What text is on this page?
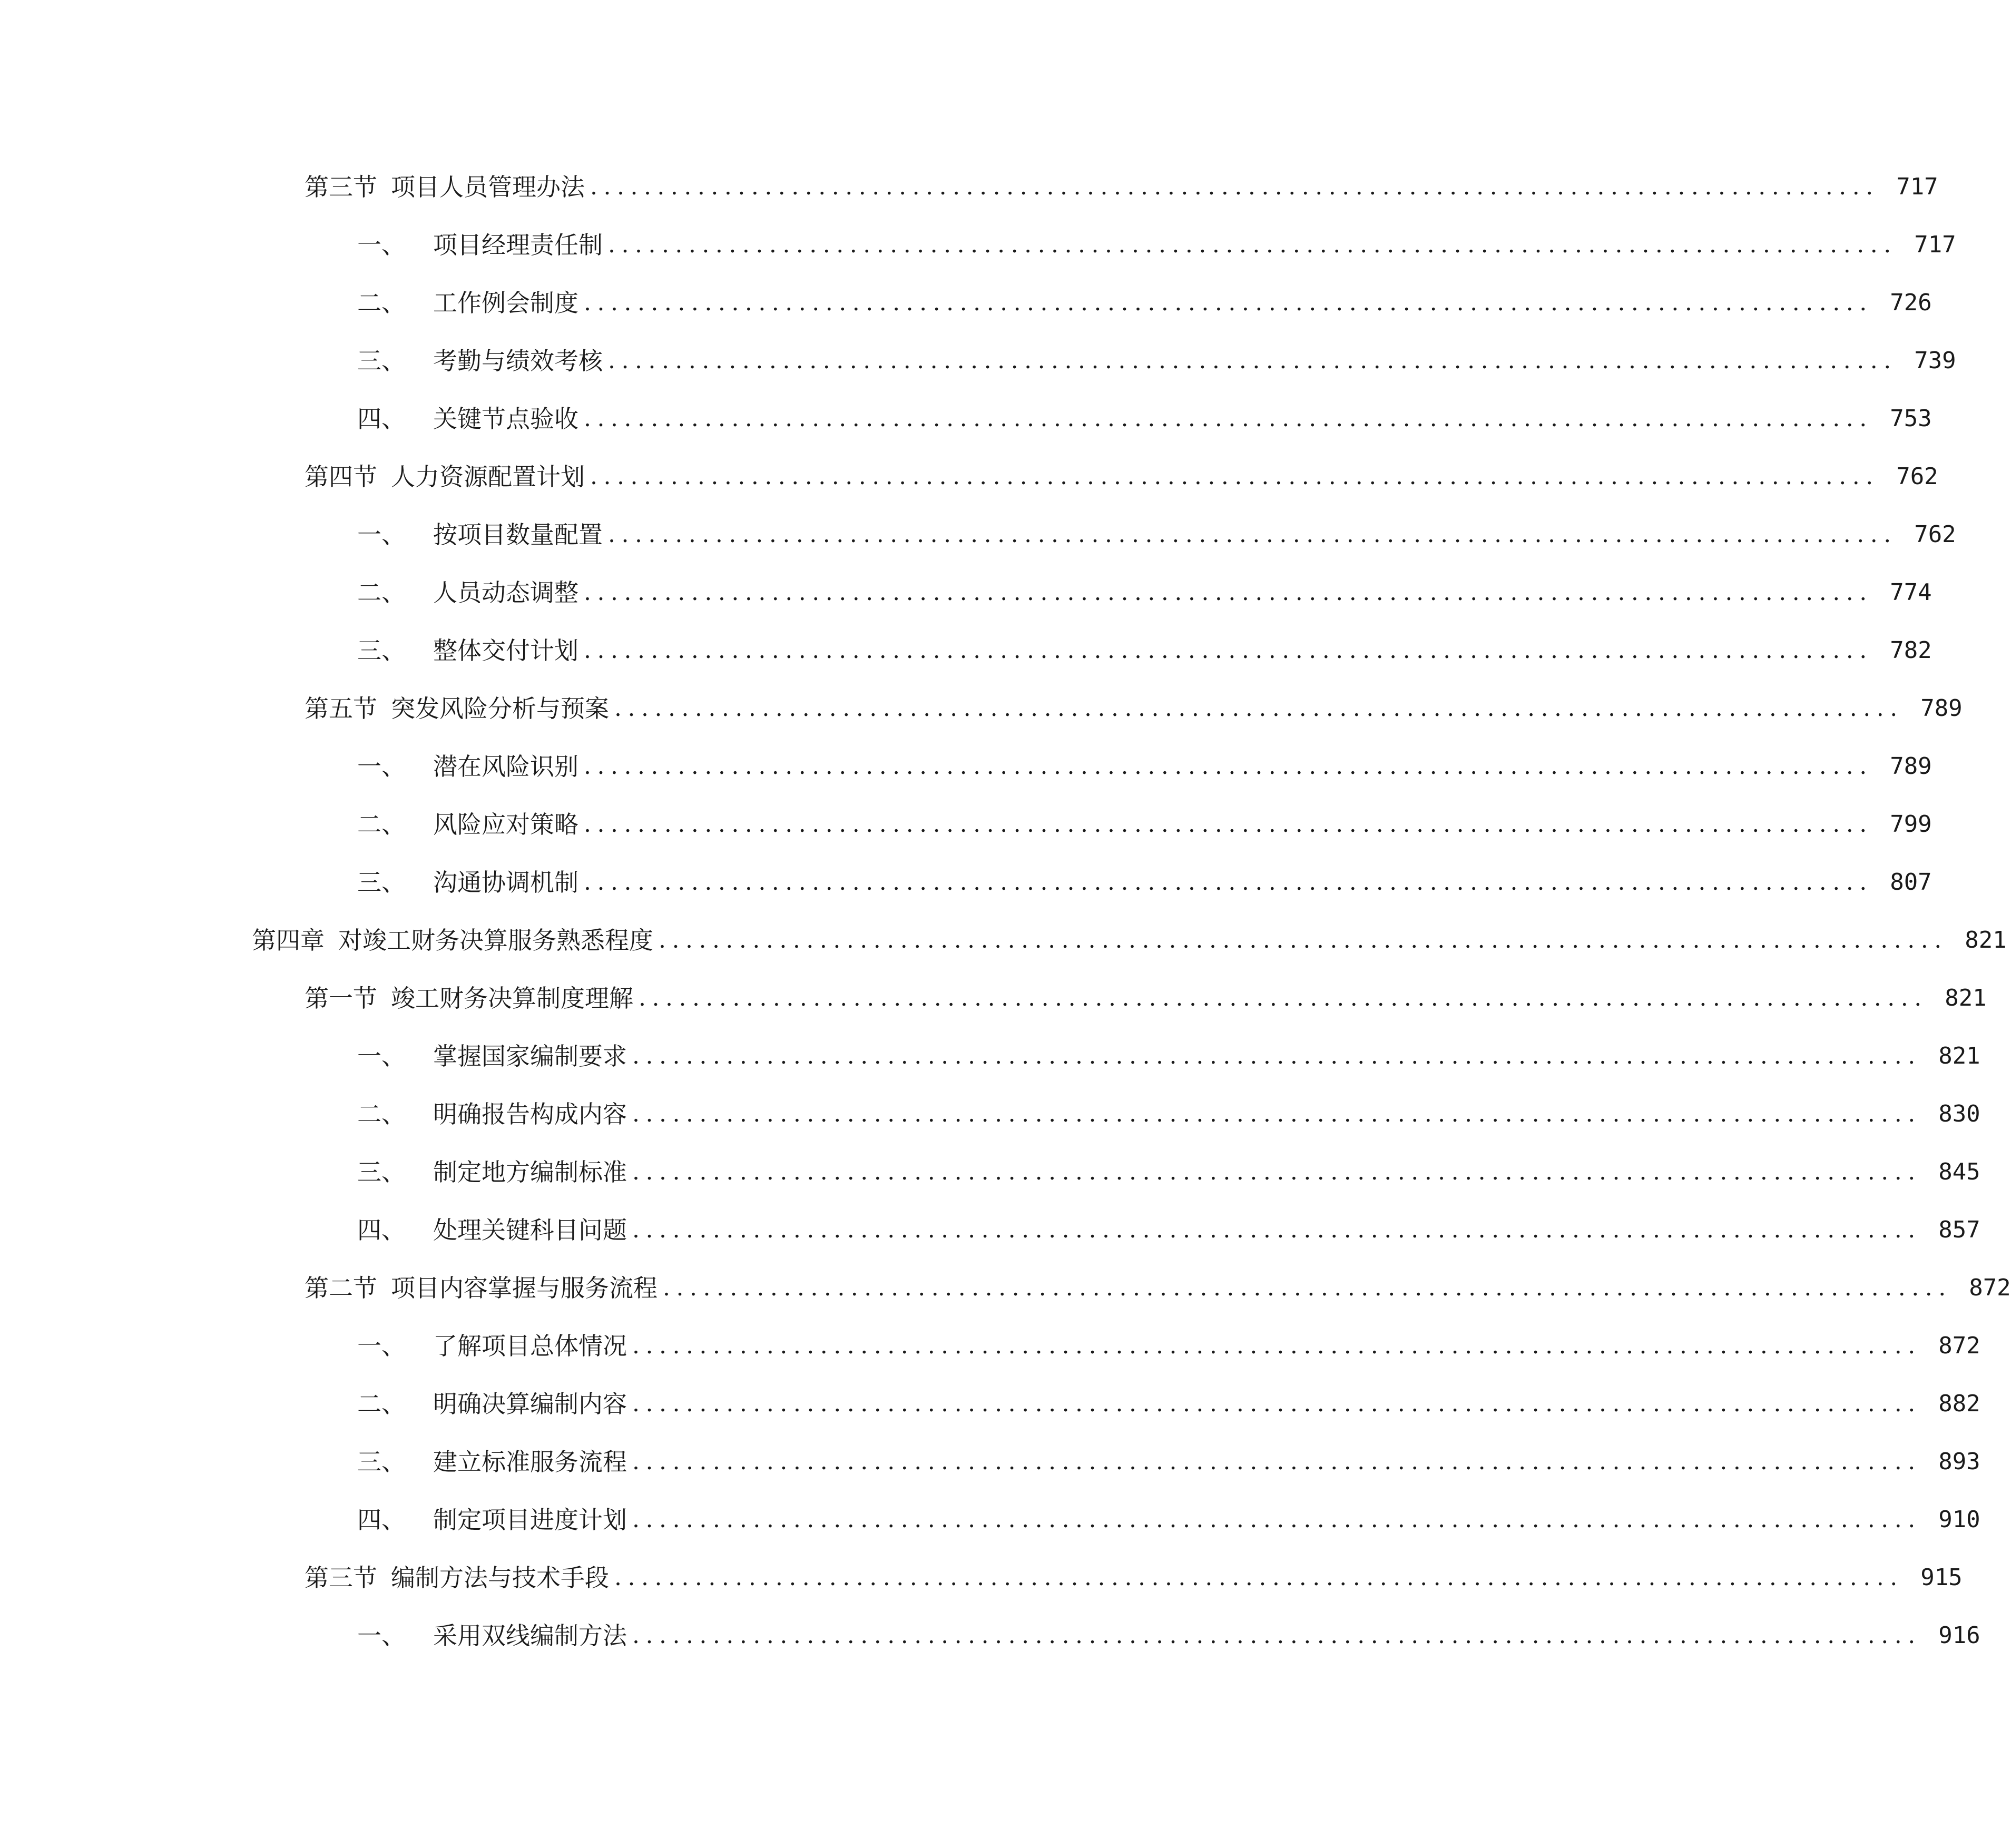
第三节 项目人员管理办法 ................................................................................................ 717
一、 项目经理责任制 ................................................................................................ 717
二、 工作例会制度 ................................................................................................ 726
三、 考勤与绩效考核 ................................................................................................ 739
四、 关键节点验收 ................................................................................................ 753
第四节 人力资源配置计划 ................................................................................................ 762
一、 按项目数量配置 ................................................................................................ 762
二、 人员动态调整 ................................................................................................ 774
三、 整体交付计划 ................................................................................................ 782
第五节 突发风险分析与预案 ................................................................................................ 789
一、 潜在风险识别 ................................................................................................ 789
二、 风险应对策略 ................................................................................................ 799
三、 沟通协调机制 ................................................................................................ 807
第四章 对竣工财务决算服务熟悉程度 ................................................................................................ 821
第一节 竣工财务决算制度理解 ................................................................................................ 821
一、 掌握国家编制要求 ................................................................................................ 821
二、 明确报告构成内容 ................................................................................................ 830
三、 制定地方编制标准 ................................................................................................ 845
四、 处理关键科目问题 ................................................................................................ 857
第二节 项目内容掌握与服务流程 ................................................................................................ 872
一、 了解项目总体情况 ................................................................................................ 872
二、 明确决算编制内容 ................................................................................................ 882
三、 建立标准服务流程 ................................................................................................ 893
四、 制定项目进度计划 ................................................................................................ 910
第三节 编制方法与技术手段 ................................................................................................ 915
一、 采用双线编制方法 ................................................................................................ 916
